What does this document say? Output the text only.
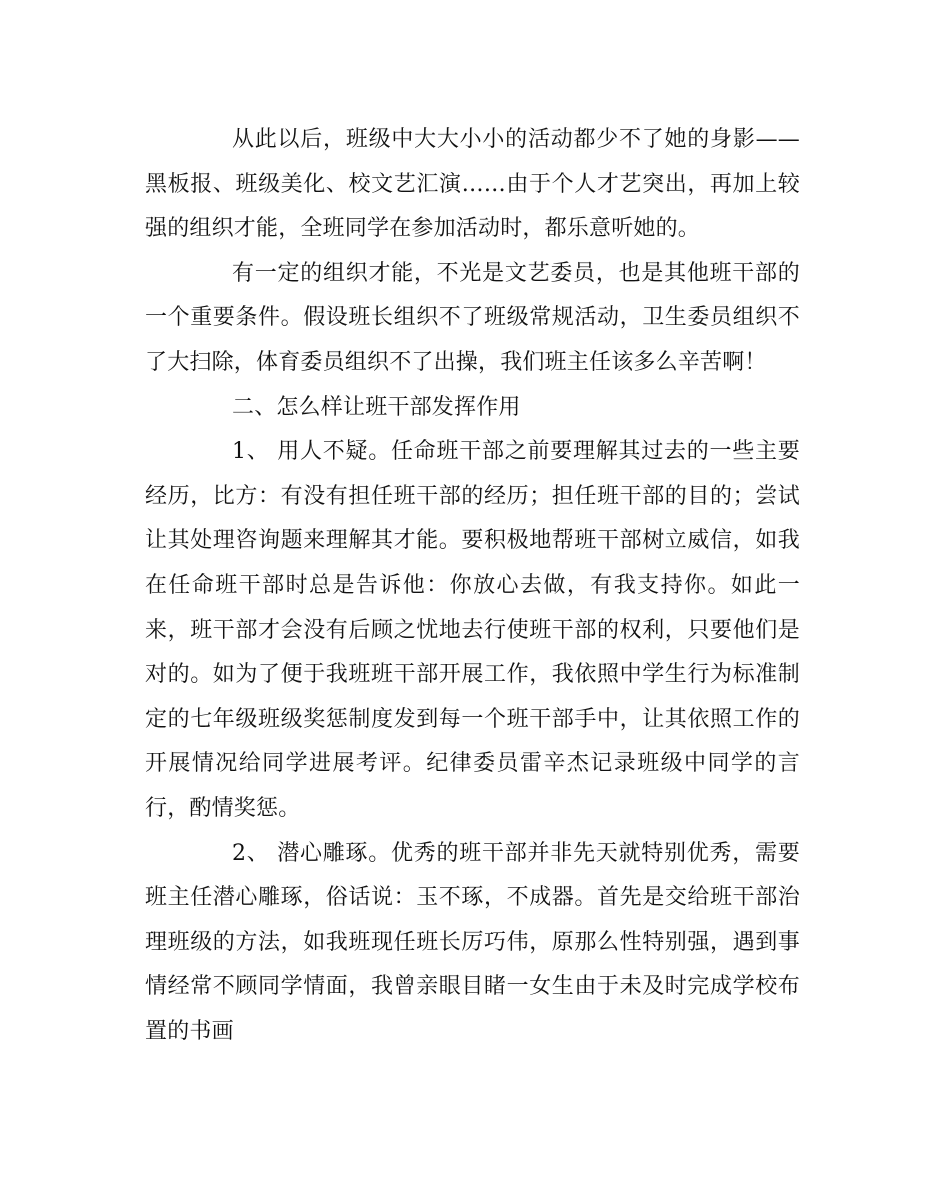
从此以后，班级中大大小小的活动都少不了她的身影——黑板报、班级美化、校文艺汇演……由于个人才艺突出，再加上较强的组织才能，全班同学在参加活动时，都乐意听她的。

有一定的组织才能，不光是文艺委员，也是其他班干部的一个重要条件。假设班长组织不了班级常规活动，卫生委员组织不了大扫除，体育委员组织不了出操，我们班主任该多么辛苦啊！

二、怎么样让班干部发挥作用

1、 用人不疑。任命班干部之前要理解其过去的一些主要经历，比方：有没有担任班干部的经历；担任班干部的目的；尝试让其处理咨询题来理解其才能。要积极地帮班干部树立威信，如我在任命班干部时总是告诉他：你放心去做，有我支持你。如此一来，班干部才会没有后顾之忧地去行使班干部的权利，只要他们是对的。如为了便于我班班干部开展工作，我依照中学生行为标准制定的七年级班级奖惩制度发到每一个班干部手中，让其依照工作的开展情况给同学进展考评。纪律委员雷辛杰记录班级中同学的言行，酌情奖惩。

2、 潜心雕琢。优秀的班干部并非先天就特别优秀，需要班主任潜心雕琢，俗话说：玉不琢，不成器。首先是交给班干部治理班级的方法，如我班现任班长厉巧伟，原那么性特别强，遇到事情经常不顾同学情面，我曾亲眼目睹一女生由于未及时完成学校布置的书画
